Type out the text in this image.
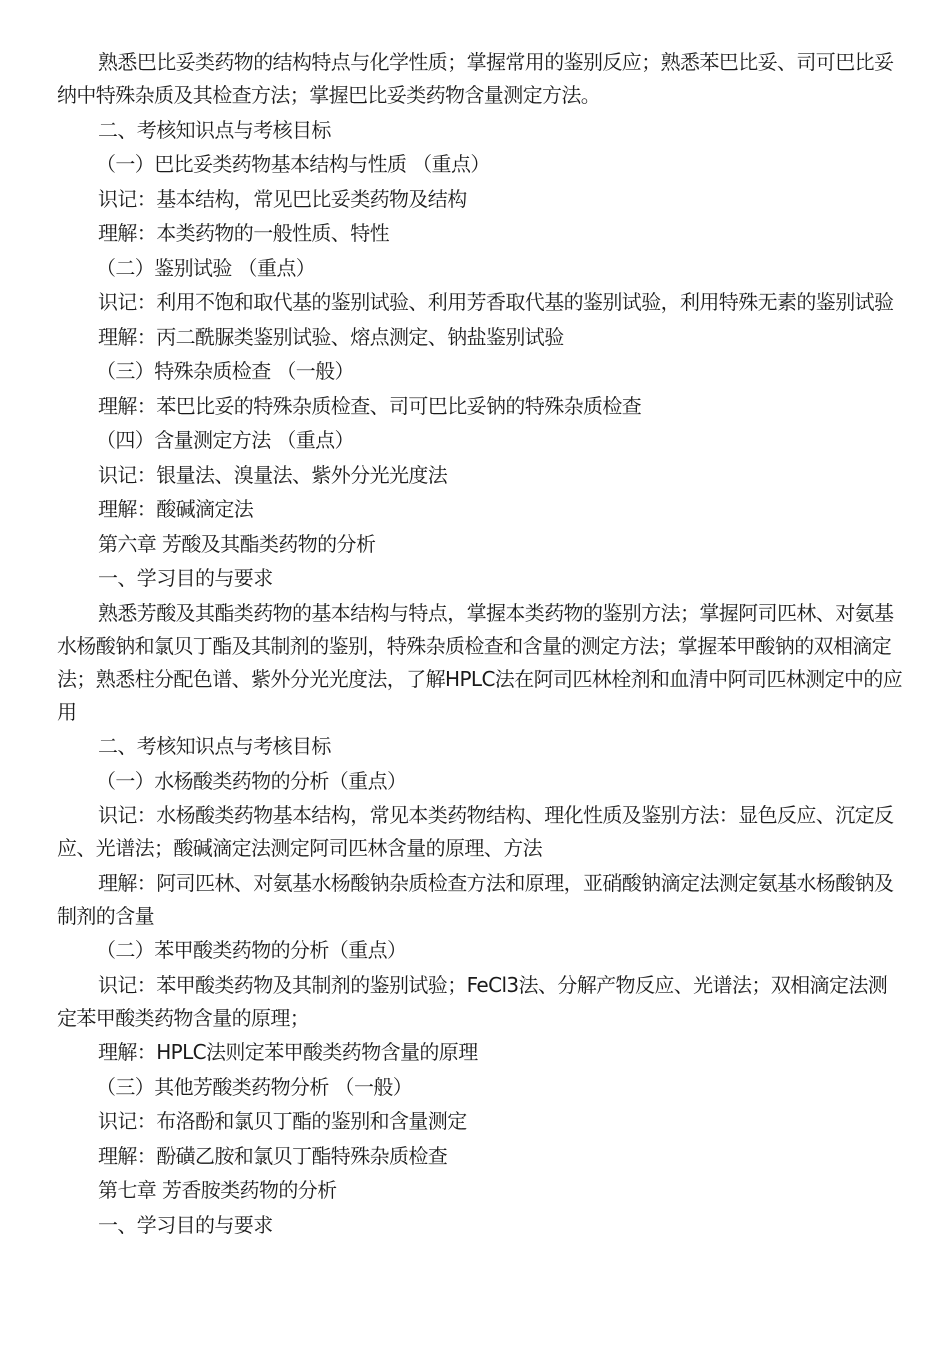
熟悉巴比妥类药物的结构特点与化学性质；掌握常用的鉴别反应；熟悉苯巴比妥、司可巴比妥纳中特殊杂质及其检查方法；掌握巴比妥类药物含量测定方法。

二、考核知识点与考核目标

（一）巴比妥类药物基本结构与性质 （重点）

识记：基本结构，常见巴比妥类药物及结构

理解：本类药物的一般性质、特性

（二）鉴别试验 （重点）

识记：利用不饱和取代基的鉴别试验、利用芳香取代基的鉴别试验，利用特殊无素的鉴别试验

理解：丙二酰脲类鉴别试验、熔点测定、钠盐鉴别试验

（三）特殊杂质检查 （一般）

理解：苯巴比妥的特殊杂质检查、司可巴比妥钠的特殊杂质检查

（四）含量测定方法 （重点）

识记：银量法、溴量法、紫外分光光度法

理解：酸碱滴定法

第六章 芳酸及其酯类药物的分析

一、学习目的与要求

熟悉芳酸及其酯类药物的基本结构与特点，掌握本类药物的鉴别方法；掌握阿司匹林、对氨基水杨酸钠和氯贝丁酯及其制剂的鉴别，特殊杂质检查和含量的测定方法；掌握苯甲酸钠的双相滴定法；熟悉柱分配色谱、紫外分光光度法，了解HPLC法在阿司匹林栓剂和血清中阿司匹林测定中的应用

二、考核知识点与考核目标

（一）水杨酸类药物的分析（重点）

识记：水杨酸类药物基本结构，常见本类药物结构、理化性质及鉴别方法：显色反应、沉定反应、光谱法；酸碱滴定法测定阿司匹林含量的原理、方法

理解：阿司匹林、对氨基水杨酸钠杂质检查方法和原理，亚硝酸钠滴定法测定氨基水杨酸钠及制剂的含量

（二）苯甲酸类药物的分析（重点）

识记：苯甲酸类药物及其制剂的鉴别试验；FeCl3法、分解产物反应、光谱法；双相滴定法测定苯甲酸类药物含量的原理；

理解：HPLC法则定苯甲酸类药物含量的原理

（三）其他芳酸类药物分析 （一般）

识记：布洛酚和氯贝丁酯的鉴别和含量测定

理解：酚磺乙胺和氯贝丁酯特殊杂质检查

第七章 芳香胺类药物的分析

一、学习目的与要求
